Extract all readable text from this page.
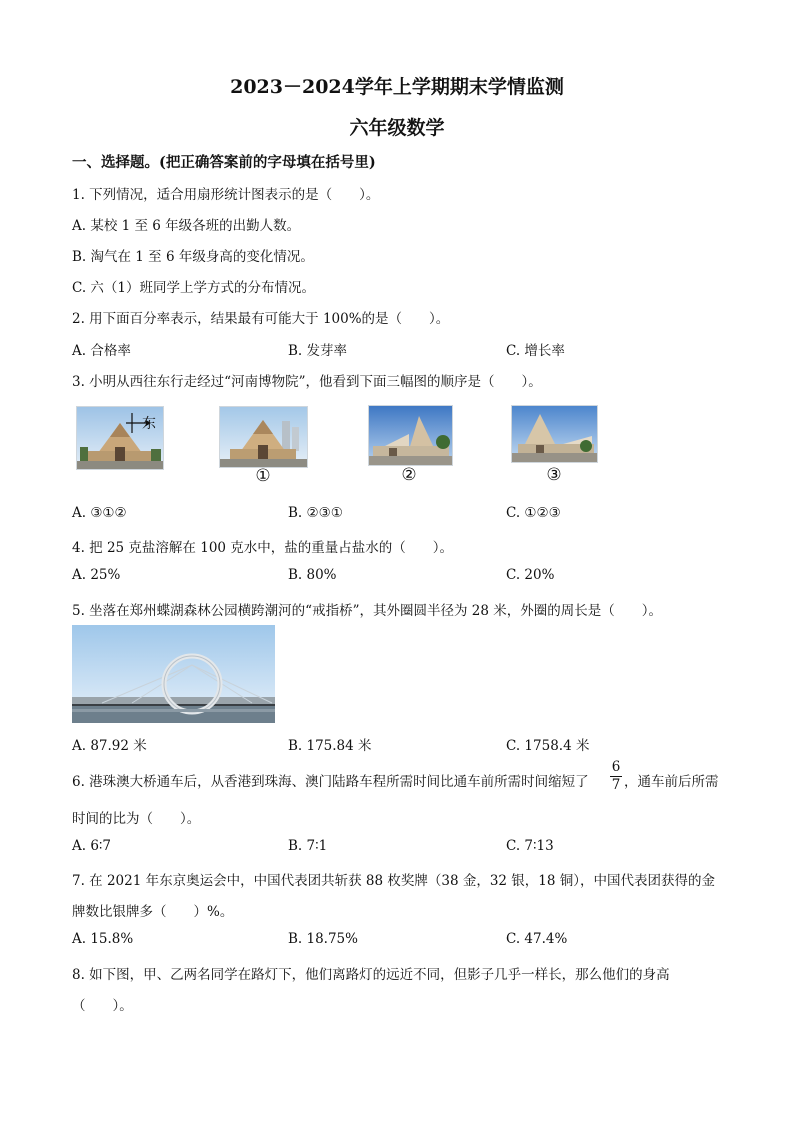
2023－2024学年上学期期末学情监测
六年级数学
一、选择题。(把正确答案前的字母填在括号里)
1. 下列情况，适合用扇形统计图表示的是（　　）。
A. 某校 1 至 6 年级各班的出勤人数。
B. 淘气在 1 至 6 年级身高的变化情况。
C. 六（1）班同学上学方式的分布情况。
2. 用下面百分率表示，结果最有可能大于 100%的是（　　）。
A. 合格率	B. 发芽率	C. 增长率
3. 小明从西往东行走经过“河南博物院”，他看到下面三幅图的顺序是（　　）。
东
①	②	③
A. ③①②	B. ②③①	C. ①②③
4. 把 25 克盐溶解在 100 克水中，盐的重量占盐水的（　　）。
A. 25%	B. 80%	C. 20%
5. 坐落在郑州蝶湖森林公园横跨潮河的“戒指桥”，其外圈圆半径为 28 米，外圈的周长是（　　）。
A. 87.92 米	B. 175.84 米	C. 1758.4 米
6. 港珠澳大桥通车后，从香港到珠海、澳门陆路车程所需时间比通车前所需时间缩短了
6
7 ，通车前后所需
时间的比为（　　）。
A. 6∶7	B. 7∶1	C. 7∶13
7. 在 2021 年东京奥运会中，中国代表团共斩获 88 枚奖牌（38 金，32 银，18 铜），中国代表团获得的金
牌数比银牌多（　　）%。
A. 15.8%	B. 18.75%	C. 47.4%
8. 如下图，甲、乙两名同学在路灯下，他们离路灯的远近不同，但影子几乎一样长，那么他们的身高
（　　）。
